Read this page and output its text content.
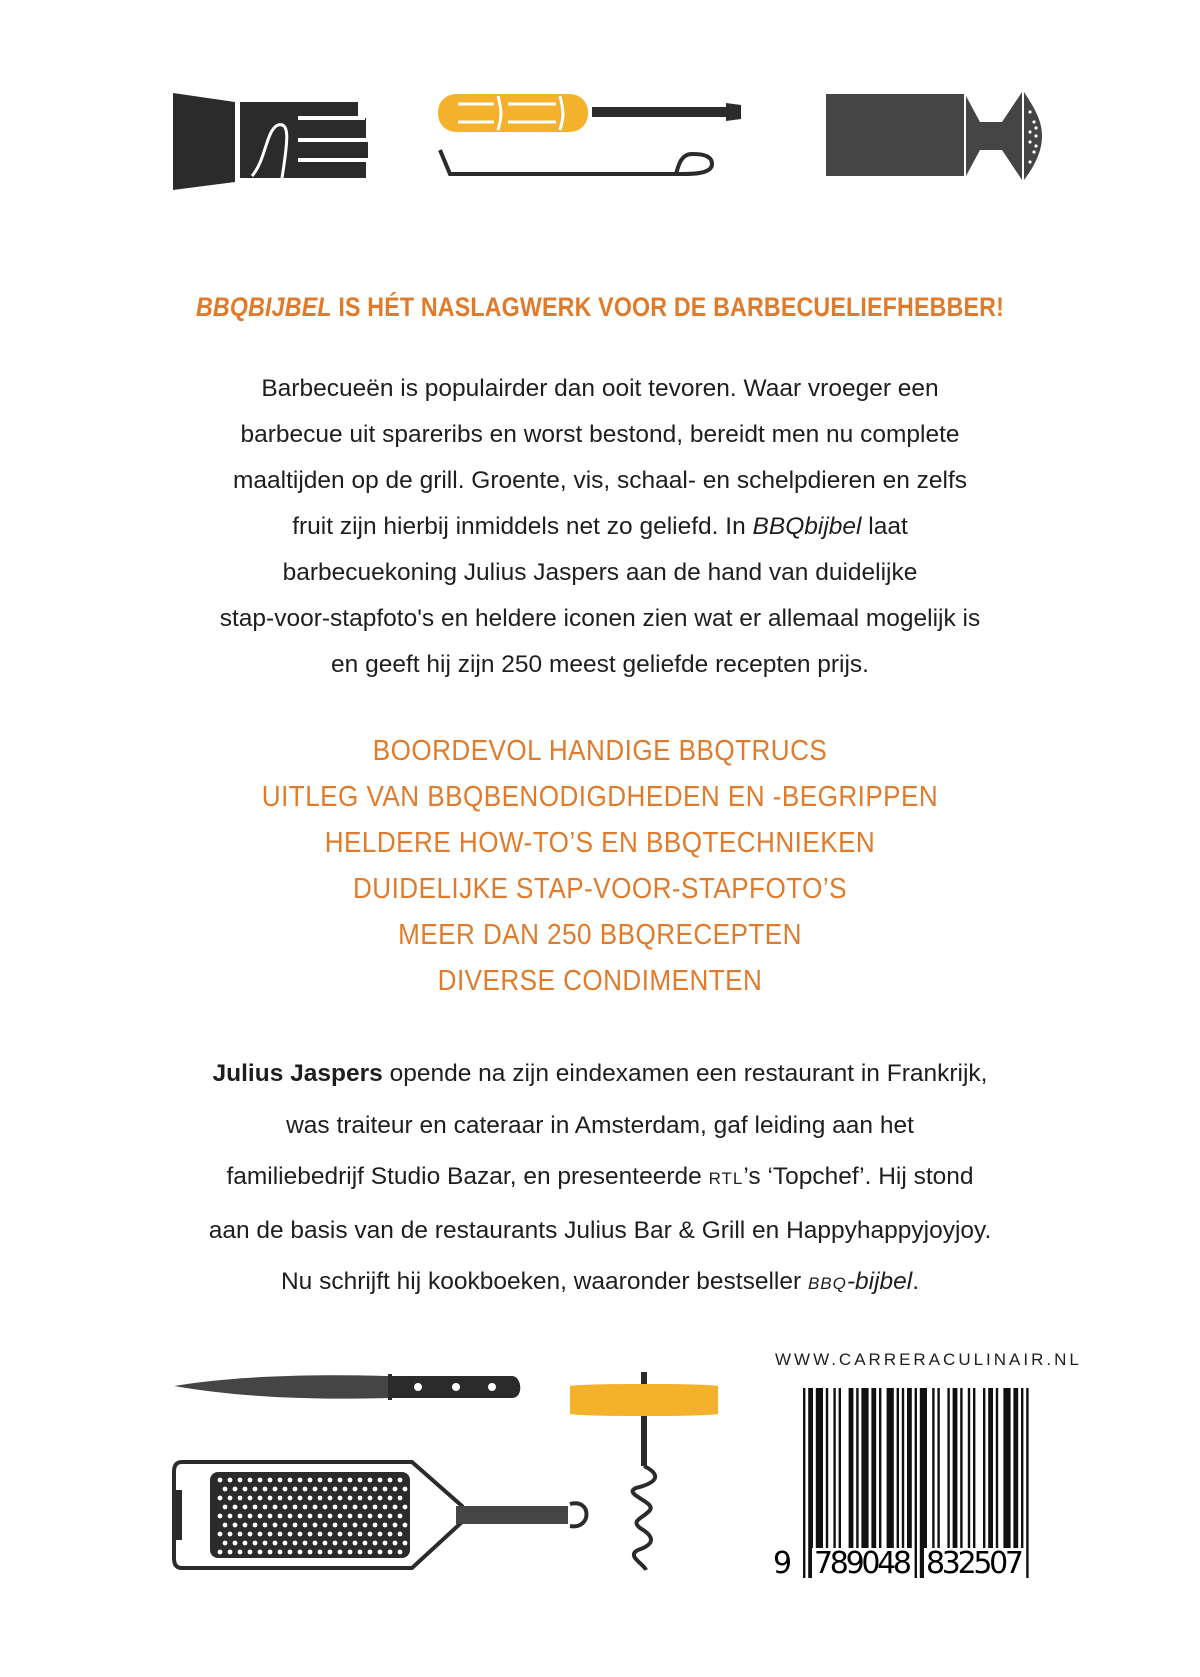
BBQBIJBEL IS HÉT NASLAGWERK VOOR DE BARBECUELIEFHEBBER!
Barbecueën is populairder dan ooit tevoren. Waar vroeger een
barbecue uit spareribs en worst bestond, bereidt men nu complete
maaltijden op de grill. Groente, vis, schaal- en schelpdieren en zelfs
fruit zijn hierbij inmiddels net zo geliefd. In BBQbijbel laat
barbecuekoning Julius Jaspers aan de hand van duidelijke
stap-voor-stapfoto's en heldere iconen zien wat er allemaal mogelijk is
en geeft hij zijn 250 meest geliefde recepten prijs.
BOORDEVOL HANDIGE BBQTRUCS
UITLEG VAN BBQBENODIGDHEDEN EN -BEGRIPPEN
HELDERE HOW-TO’S EN BBQTECHNIEKEN
DUIDELIJKE STAP-VOOR-STAPFOTO’S
MEER DAN 250 BBQRECEPTEN
DIVERSE CONDIMENTEN
Julius Jaspers opende na zijn eindexamen een restaurant in Frankrijk,
was traiteur en cateraar in Amsterdam, gaf leiding aan het
familiebedrijf Studio Bazar, en presenteerde RTL’s ‘Topchef’. Hij stond
aan de basis van de restaurants Julius Bar & Grill en Happyhappyjoyjoy.
Nu schrijft hij kookboeken, waaronder bestseller BBQ-bijbel.
WWW.CARRERACULINAIR.NL
9 789048 832507
